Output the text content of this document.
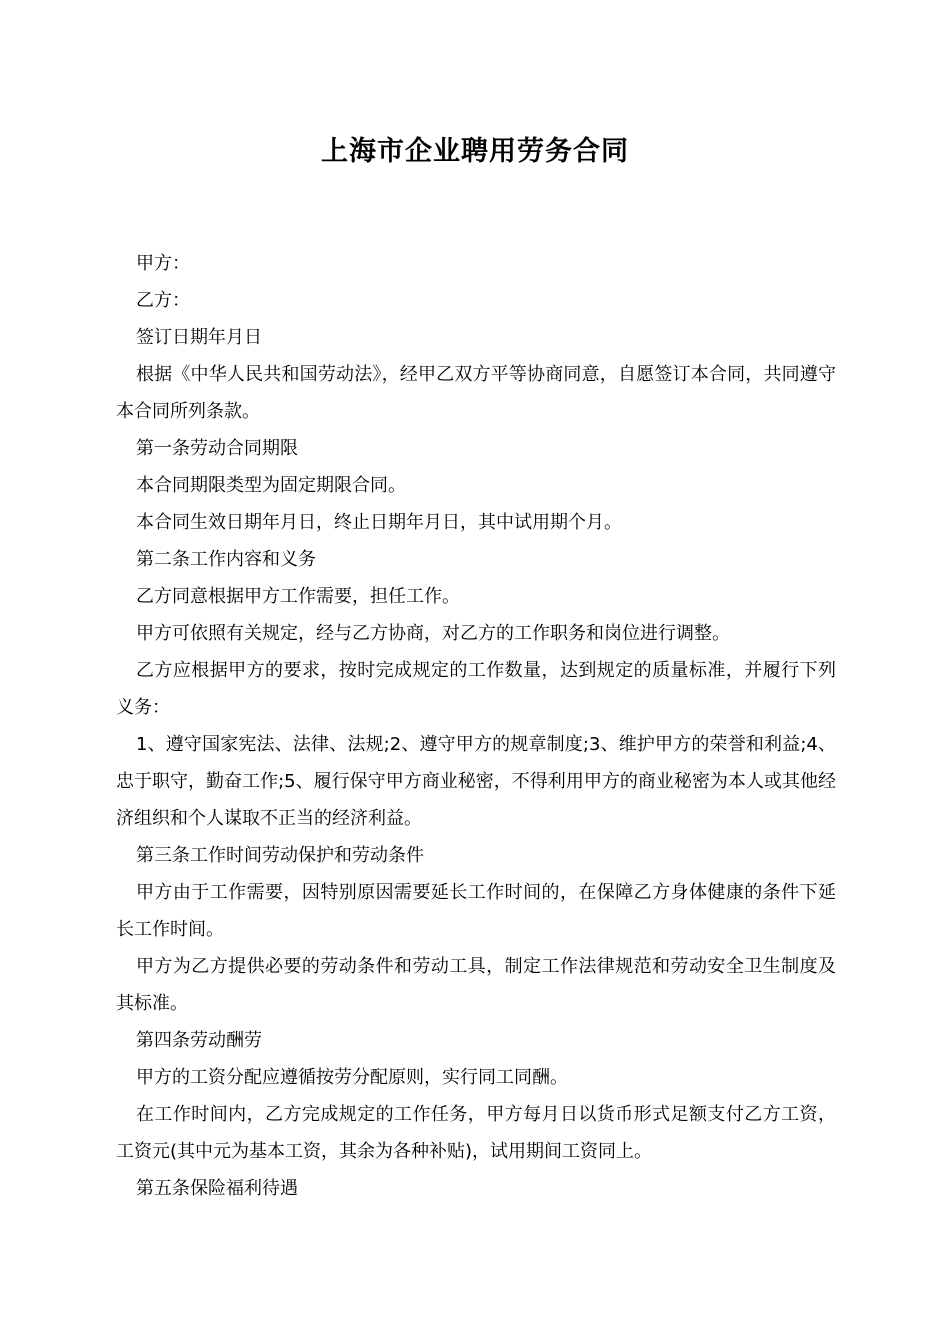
上海市企业聘用劳务合同

甲方：

乙方：

签订日期年月日

根据《中华人民共和国劳动法》，经甲乙双方平等协商同意，自愿签订本合同，共同遵守本合同所列条款。

第一条劳动合同期限

本合同期限类型为固定期限合同。

本合同生效日期年月日，终止日期年月日，其中试用期个月。

第二条工作内容和义务

乙方同意根据甲方工作需要，担任工作。

甲方可依照有关规定，经与乙方协商，对乙方的工作职务和岗位进行调整。

乙方应根据甲方的要求，按时完成规定的工作数量，达到规定的质量标准，并履行下列义务：

1、遵守国家宪法、法律、法规;2、遵守甲方的规章制度;3、维护甲方的荣誉和利益;4、忠于职守，勤奋工作;5、履行保守甲方商业秘密，不得利用甲方的商业秘密为本人或其他经济组织和个人谋取不正当的经济利益。

第三条工作时间劳动保护和劳动条件

甲方由于工作需要，因特别原因需要延长工作时间的，在保障乙方身体健康的条件下延长工作时间。

甲方为乙方提供必要的劳动条件和劳动工具，制定工作法律规范和劳动安全卫生制度及其标准。

第四条劳动酬劳

甲方的工资分配应遵循按劳分配原则，实行同工同酬。

在工作时间内，乙方完成规定的工作任务，甲方每月日以货币形式足额支付乙方工资，工资元(其中元为基本工资，其余为各种补贴)，试用期间工资同上。

第五条保险福利待遇
